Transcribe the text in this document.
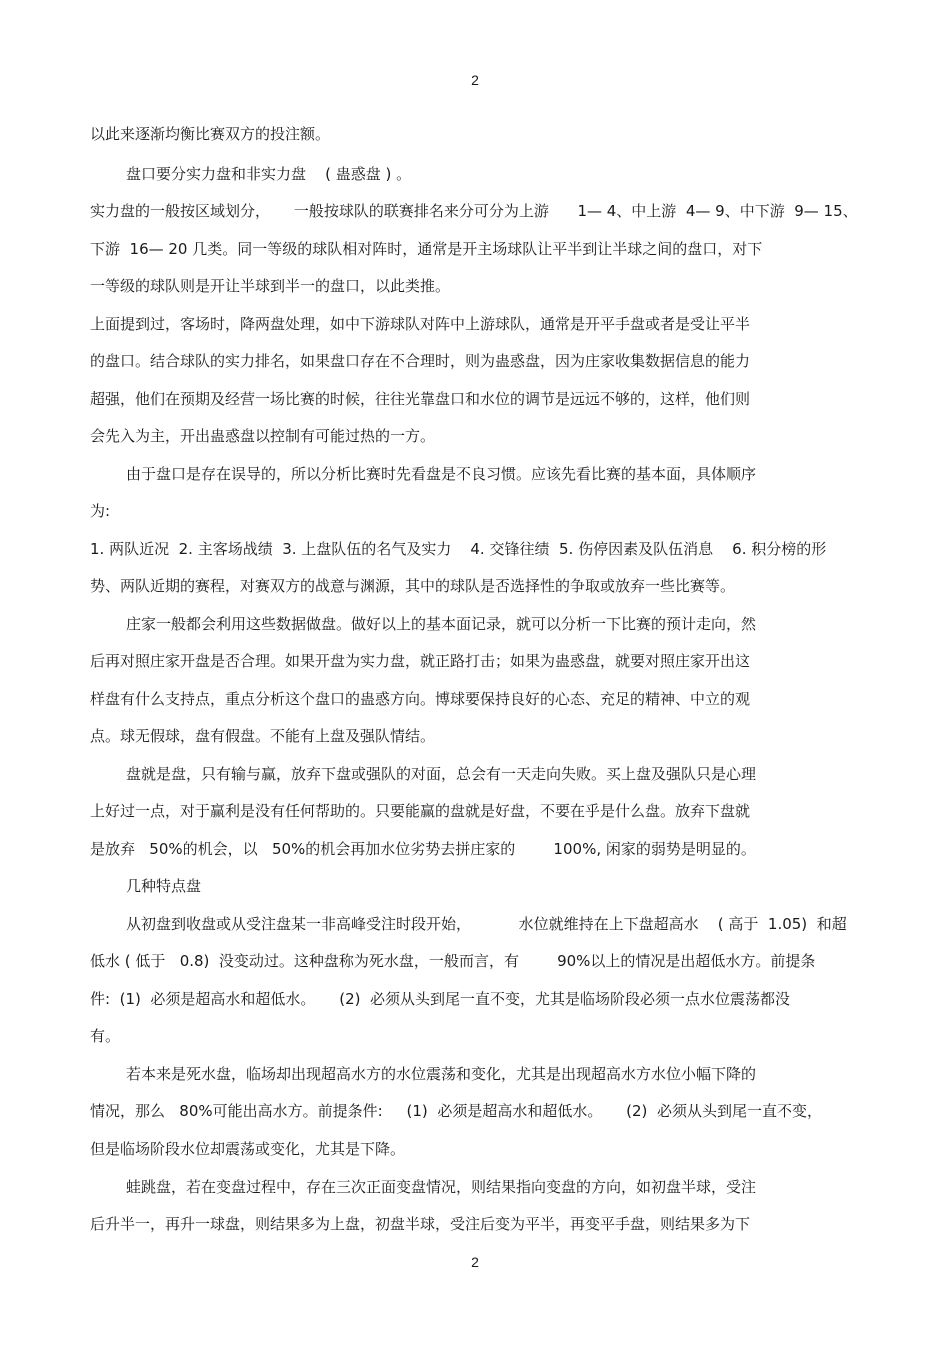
2
以此来逐渐均衡比赛双方的投注额。
盘口要分实力盘和非实力盘    ( 蛊惑盘 ) 。
实力盘的一般按区域划分，     一般按球队的联赛排名来分可分为上游      1— 4、中上游  4— 9、中下游  9— 15、
下游  16— 20 几类。同一等级的球队相对阵时，通常是开主场球队让平半到让半球之间的盘口，对下
一等级的球队则是开让半球到半一的盘口，以此类推。
上面提到过，客场时，降两盘处理，如中下游球队对阵中上游球队，通常是开平手盘或者是受让平半
的盘口。结合球队的实力排名，如果盘口存在不合理时，则为蛊惑盘，因为庄家收集数据信息的能力
超强，他们在预期及经营一场比赛的时候，往往光靠盘口和水位的调节是远远不够的，这样，他们则
会先入为主，开出蛊惑盘以控制有可能过热的一方。
由于盘口是存在误导的，所以分析比赛时先看盘是不良习惯。应该先看比赛的基本面，具体顺序
为:
1. 两队近况  2. 主客场战绩  3. 上盘队伍的名气及实力    4. 交锋往绩  5. 伤停因素及队伍消息    6. 积分榜的形
势、两队近期的赛程，对赛双方的战意与渊源，其中的球队是否选择性的争取或放弃一些比赛等。
庄家一般都会利用这些数据做盘。做好以上的基本面记录，就可以分析一下比赛的预计走向，然
后再对照庄家开盘是否合理。如果开盘为实力盘，就正路打击；如果为蛊惑盘，就要对照庄家开出这
样盘有什么支持点，重点分析这个盘口的蛊惑方向。博球要保持良好的心态、充足的精神、中立的观
点。球无假球，盘有假盘。不能有上盘及强队情结。
盘就是盘，只有输与赢，放弃下盘或强队的对面，总会有一天走向失败。买上盘及强队只是心理
上好过一点，对于赢利是没有任何帮助的。只要能赢的盘就是好盘，不要在乎是什么盘。放弃下盘就
是放弃   50%的机会，以   50%的机会再加水位劣势去拼庄家的        100%, 闲家的弱势是明显的。
几种特点盘
从初盘到收盘或从受注盘某一非高峰受注时段开始，          水位就维持在上下盘超高水    ( 高于  1.05)  和超
低水 ( 低于   0.8)  没变动过。这种盘称为死水盘，一般而言，有        90%以上的情况是出超低水方。前提条
件:  (1)  必须是超高水和超低水。     (2)  必须从头到尾一直不变，尤其是临场阶段必须一点水位震荡都没
有。
若本来是死水盘，临场却出现超高水方的水位震荡和变化，尤其是出现超高水方水位小幅下降的
情况，那么   80%可能出高水方。前提条件:     (1)  必须是超高水和超低水。     (2)  必须从头到尾一直不变，
但是临场阶段水位却震荡或变化，尤其是下降。
蛙跳盘，若在变盘过程中，存在三次正面变盘情况，则结果指向变盘的方向，如初盘半球，受注
后升半一，再升一球盘，则结果多为上盘，初盘半球，受注后变为平半，再变平手盘，则结果多为下
2
